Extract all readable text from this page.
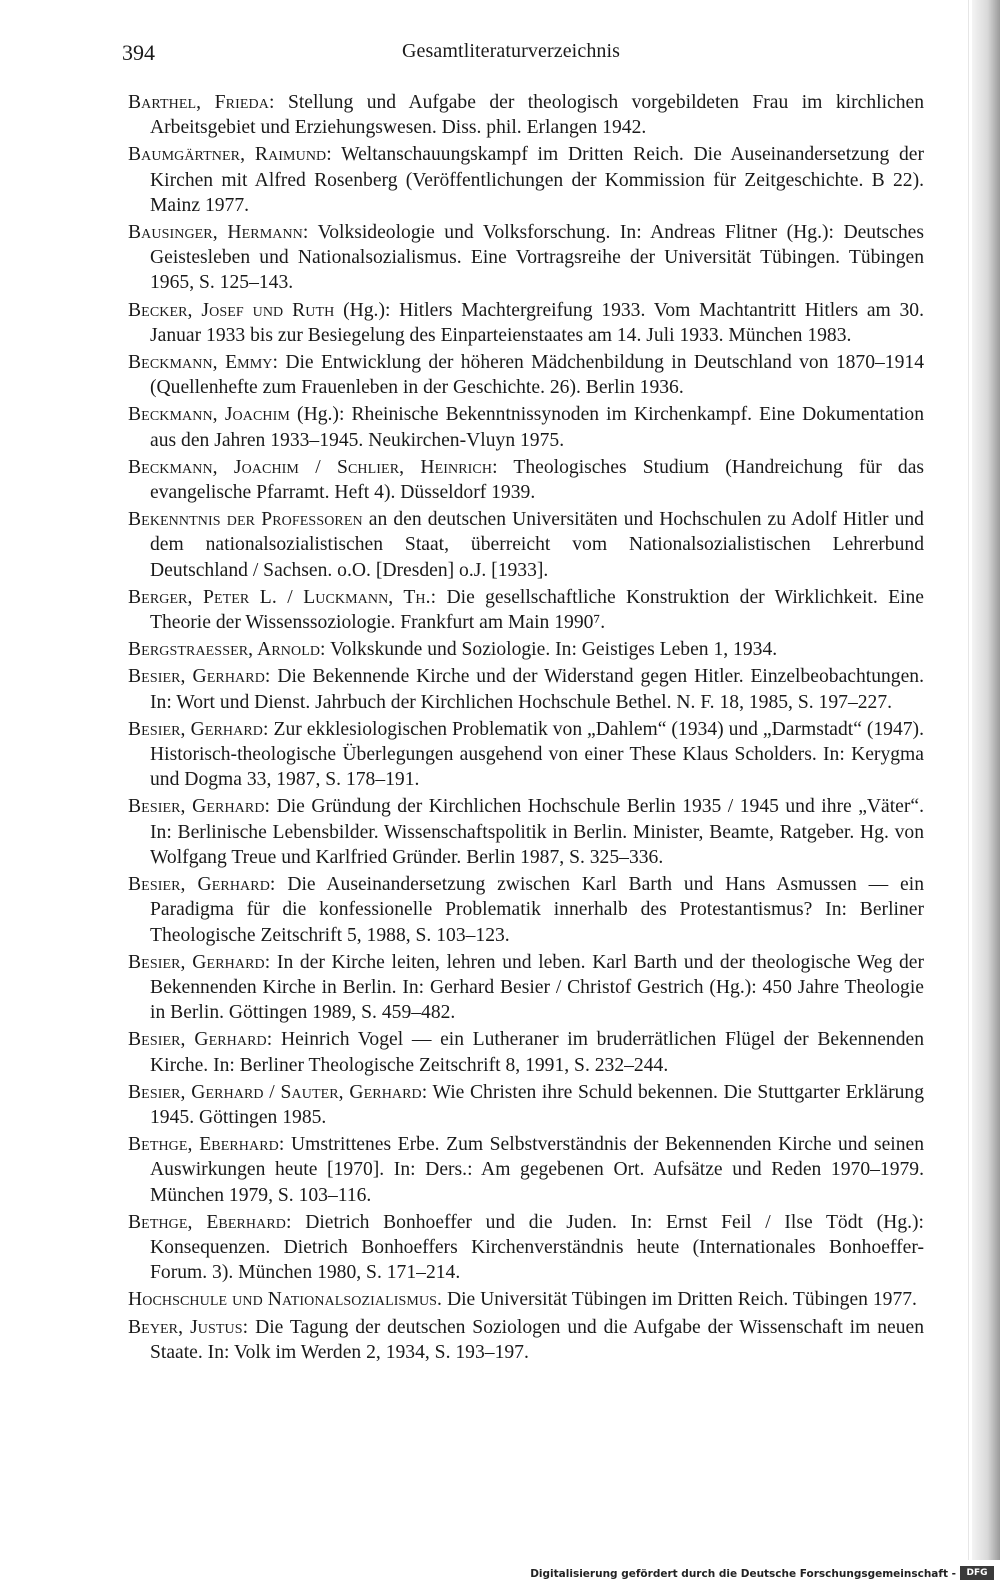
394	Gesamtliteraturverzeichnis

Barthel, Frieda: Stellung und Aufgabe der theologisch vorgebildeten Frau im kirchlichen Arbeitsgebiet und Erziehungswesen. Diss. phil. Erlangen 1942.

Baumgärtner, Raimund: Weltanschauungskampf im Dritten Reich. Die Auseinandersetzung der Kirchen mit Alfred Rosenberg (Veröffentlichungen der Kommission für Zeitgeschichte. B 22). Mainz 1977.

Bausinger, Hermann: Volksideologie und Volksforschung. In: Andreas Flitner (Hg.): Deutsches Geistesleben und Nationalsozialismus. Eine Vortragsreihe der Universität Tübingen. Tübingen 1965, S. 125–143.

Becker, Josef und Ruth (Hg.): Hitlers Machtergreifung 1933. Vom Machtantritt Hitlers am 30. Januar 1933 bis zur Besiegelung des Einparteienstaates am 14. Juli 1933. München 1983.

Beckmann, Emmy: Die Entwicklung der höheren Mädchenbildung in Deutschland von 1870–1914 (Quellenhefte zum Frauenleben in der Geschichte. 26). Berlin 1936.

Beckmann, Joachim (Hg.): Rheinische Bekenntnissynoden im Kirchenkampf. Eine Dokumentation aus den Jahren 1933–1945. Neukirchen-Vluyn 1975.

Beckmann, Joachim / Schlier, Heinrich: Theologisches Studium (Handreichung für das evangelische Pfarramt. Heft 4). Düsseldorf 1939.

Bekenntnis der Professoren an den deutschen Universitäten und Hochschulen zu Adolf Hitler und dem nationalsozialistischen Staat, überreicht vom Nationalsozialistischen Lehrerbund Deutschland / Sachsen. o.O. [Dresden] o.J. [1933].

Berger, Peter L. / Luckmann, Th.: Die gesellschaftliche Konstruktion der Wirklichkeit. Eine Theorie der Wissenssoziologie. Frankfurt am Main 1990⁷.

Bergstraesser, Arnold: Volkskunde und Soziologie. In: Geistiges Leben 1, 1934.

Besier, Gerhard: Die Bekennende Kirche und der Widerstand gegen Hitler. Einzelbeobachtungen. In: Wort und Dienst. Jahrbuch der Kirchlichen Hochschule Bethel. N. F. 18, 1985, S. 197–227.

Besier, Gerhard: Zur ekklesiologischen Problematik von „Dahlem“ (1934) und „Darmstadt“ (1947). Historisch-theologische Überlegungen ausgehend von einer These Klaus Scholders. In: Kerygma und Dogma 33, 1987, S. 178–191.

Besier, Gerhard: Die Gründung der Kirchlichen Hochschule Berlin 1935 / 1945 und ihre „Väter“. In: Berlinische Lebensbilder. Wissenschaftspolitik in Berlin. Minister, Beamte, Ratgeber. Hg. von Wolfgang Treue und Karlfried Gründer. Berlin 1987, S. 325–336.

Besier, Gerhard: Die Auseinandersetzung zwischen Karl Barth und Hans Asmussen — ein Paradigma für die konfessionelle Problematik innerhalb des Protestantismus? In: Berliner Theologische Zeitschrift 5, 1988, S. 103–123.

Besier, Gerhard: In der Kirche leiten, lehren und leben. Karl Barth und der theologische Weg der Bekennenden Kirche in Berlin. In: Gerhard Besier / Christof Gestrich (Hg.): 450 Jahre Theologie in Berlin. Göttingen 1989, S. 459–482.

Besier, Gerhard: Heinrich Vogel — ein Lutheraner im bruderrätlichen Flügel der Bekennenden Kirche. In: Berliner Theologische Zeitschrift 8, 1991, S. 232–244.

Besier, Gerhard / Sauter, Gerhard: Wie Christen ihre Schuld bekennen. Die Stuttgarter Erklärung 1945. Göttingen 1985.

Bethge, Eberhard: Umstrittenes Erbe. Zum Selbstverständnis der Bekennenden Kirche und seinen Auswirkungen heute [1970]. In: Ders.: Am gegebenen Ort. Aufsätze und Reden 1970–1979. München 1979, S. 103–116.

Bethge, Eberhard: Dietrich Bonhoeffer und die Juden. In: Ernst Feil / Ilse Tödt (Hg.): Konsequenzen. Dietrich Bonhoeffers Kirchenverständnis heute (Internationales Bonhoeffer-Forum. 3). München 1980, S. 171–214.

Hochschule und Nationalsozialismus. Die Universität Tübingen im Dritten Reich. Tübingen 1977.

Beyer, Justus: Die Tagung der deutschen Soziologen und die Aufgabe der Wissenschaft im neuen Staate. In: Volk im Werden 2, 1934, S. 193–197.

Digitalisierung gefördert durch die Deutsche Forschungsgemeinschaft -	DFG
